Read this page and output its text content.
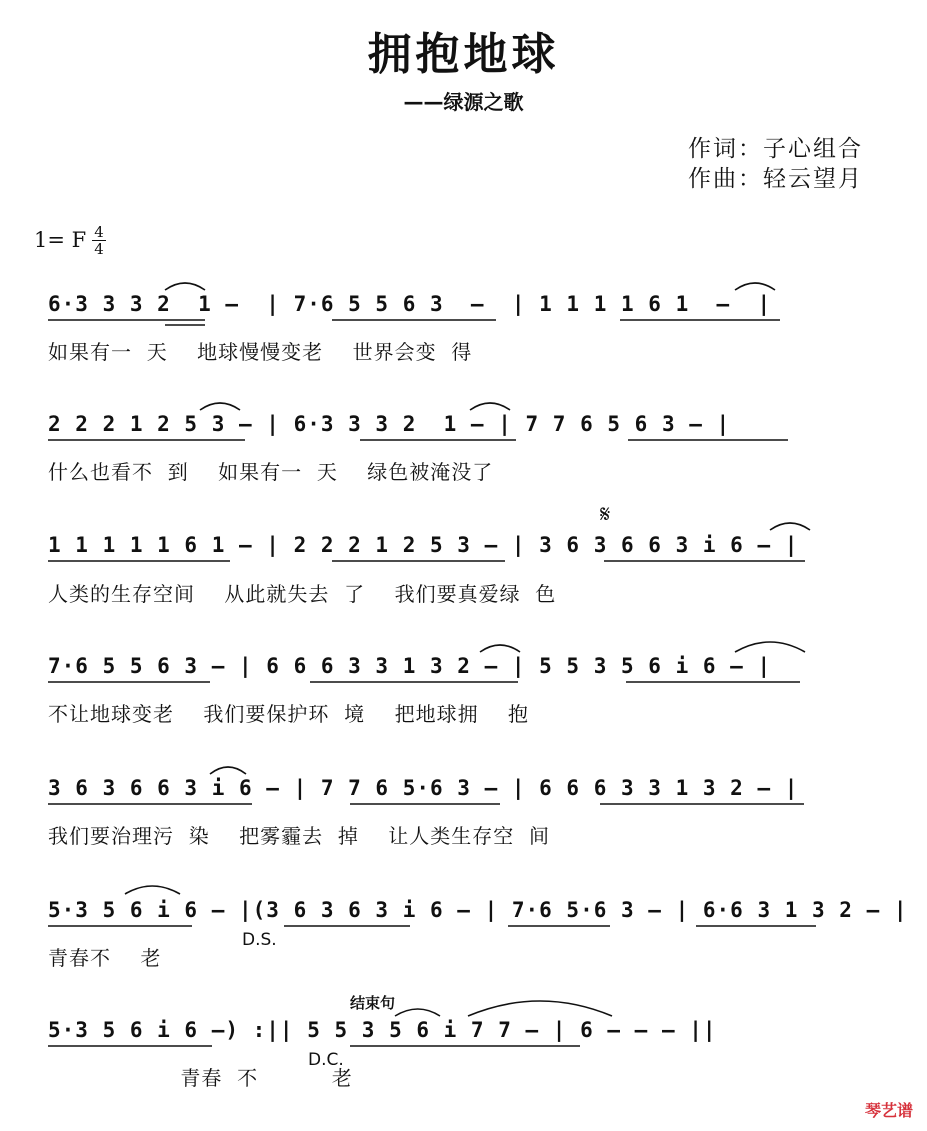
拥抱地球
——绿源之歌
作词：子心组合
作曲：轻云望月
1= F 4
4
6·3 3 3 2  1 –  | 7·6 5 5 6 3  –  | 1 1 1 1 6 1  –  |
如果有一  天    地球慢慢变老    世界会变  得
2 2 2 1 2 5 3 – | 6·3 3 3 2  1 – | 7 7 6 5 6 3 – |
什么也看不  到    如果有一  天    绿色被淹没了
1 1 1 1 1 6 1 – | 2 2 2 1 2 5 3 – | 3 6 3 6 6 3 i 6 – |
人类的生存空间    从此就失去  了    我们要真爱绿  色
7·6 5 5 6 3 – | 6 6 6 3 3 1 3 2 – | 5 5 3 5 6 i 6 – |
不让地球变老    我们要保护环  境    把地球拥    抱
3 6 3 6 6 3 i 6 – | 7 7 6 5·6 3 – | 6 6 6 3 3 1 3 2 – |
我们要治理污  染    把雾霾去  掉    让人类生存空  间
5·3 5 6 i 6 – |(3 6 3 6 3 i 6 – | 7·6 5·6 3 – | 6·6 3 1 3 2 – |
青春不    老
5·3 5 6 i 6 –) :|| 5 5 3 5 6 i 7 7 – | 6 – – – ||
青春  不          老
𝄋
D.S.
D.C.
结束句
琴艺谱
